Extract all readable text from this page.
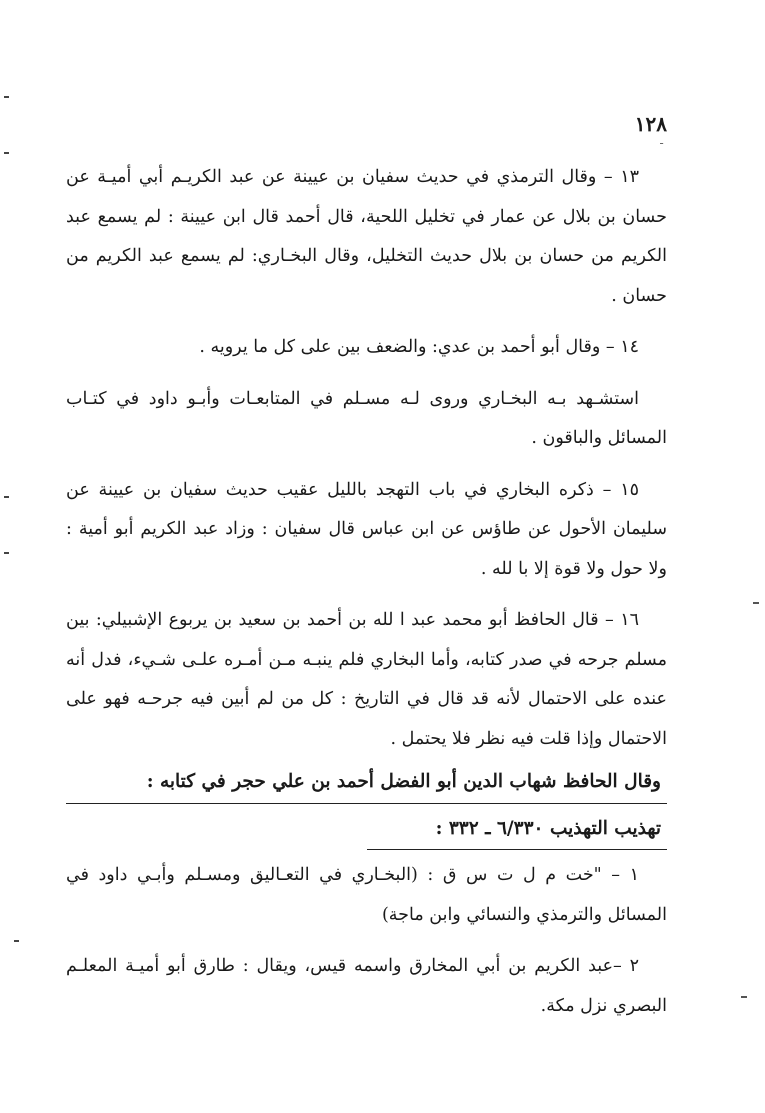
١٢٨
ـ

١٣ – وقال الترمذي في حديث سفيان بن عيينة عن عبد الكريـم أبي أميـة عن حسان بن بلال عن عمار في تخليل اللحية، قال أحمد قال ابن عيينة : لم يسمع عبد الكريم من حسان بن بلال حديث التخليل، وقال البخـاري: لم يسمع عبد الكريم من حسان .

١٤ – وقال أبو أحمد بن عدي: والضعف بين على كل ما يرويه .

استشـهد بـه البخـاري وروى لـه مسـلم في المتابعـات وأبـو داود في كتـاب المسائل والباقون .

١٥ – ذكره البخاري في باب التهجد بالليل عقيب حديث سفيان بن عيينة عن سليمان الأحول عن طاؤس عن ابن عباس قال سفيان : وزاد عبد الكريم أبو أمية : ولا حول ولا قوة إلا با لله .

١٦ – قال الحافظ أبو محمد عبد ا لله بن أحمد بن سعيد بن يربوع الإشبيلي: بين مسلم جرحه في صدر كتابه، وأما البخاري فلم ينبـه مـن أمـره علـى شـيء، فدل أنه عنده على الاحتمال لأنه قد قال في التاريخ : كل من لم أبين فيه جرحـه فهو على الاحتمال وإذا قلت فيه نظر فلا يحتمل .

وقال الحافظ شهاب الدين أبو الفضل أحمد بن علي حجر في كتابه :
تهذيب التهذيب ٦/٣٣٠ ـ ٣٣٢ :

١ – "خت م ل ت س ق : (البخـاري في التعـاليق ومسـلم وأبـي داود في المسائل والترمذي والنسائي وابن ماجة)

٢ –عبد الكريم بن أبي المخارق واسمه قيس، ويقال : طارق أبو أميـة المعلـم البصري نزل مكة.
